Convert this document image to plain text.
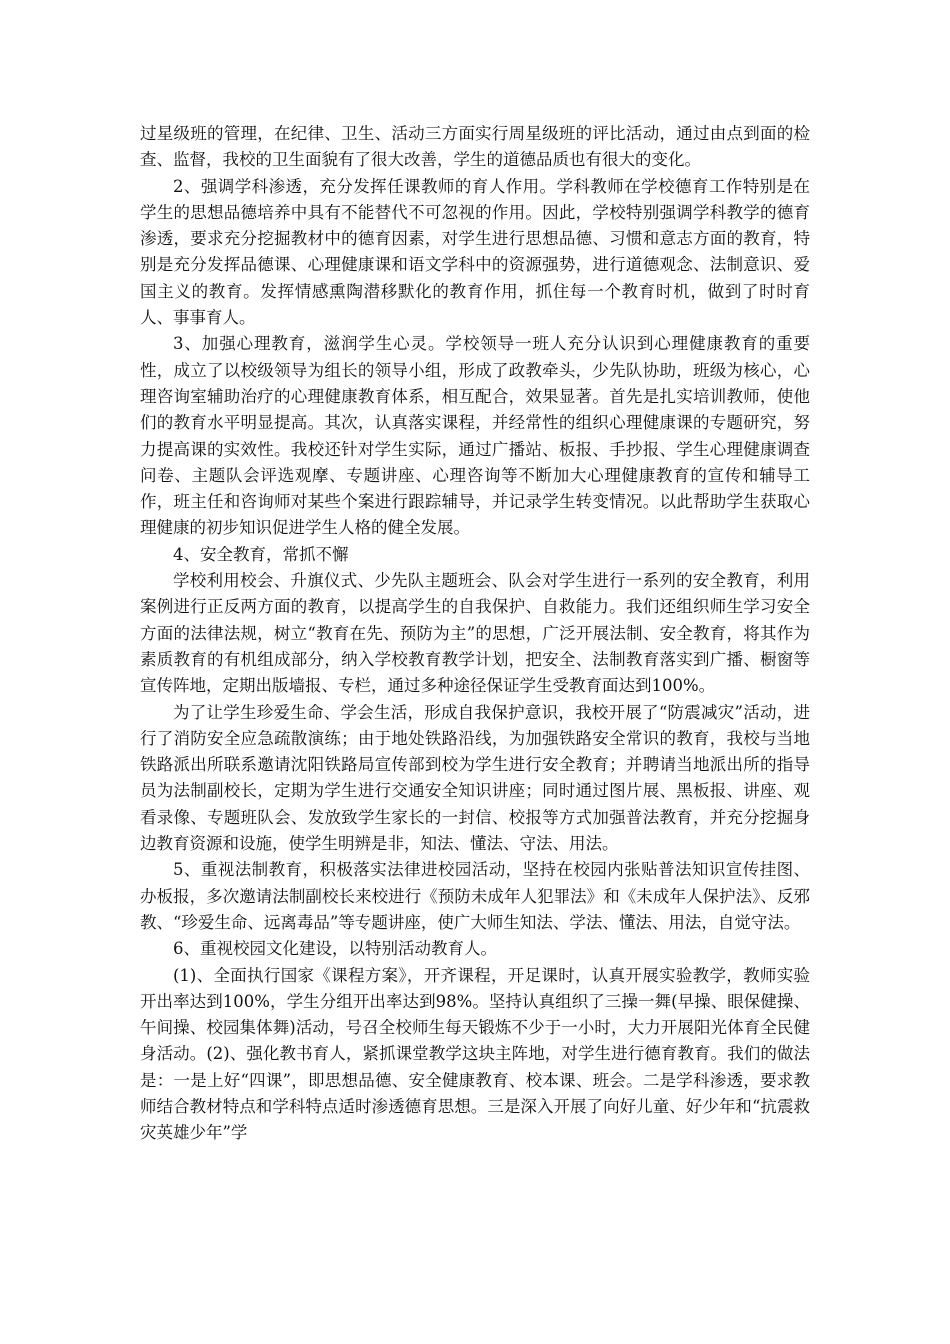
过星级班的管理，在纪律、卫生、活动三方面实行周星级班的评比活动，通过由点到面的检查、监督，我校的卫生面貌有了很大改善，学生的道德品质也有很大的变化。

2、强调学科渗透，充分发挥任课教师的育人作用。学科教师在学校德育工作特别是在学生的思想品德培养中具有不能替代不可忽视的作用。因此，学校特别强调学科教学的德育渗透，要求充分挖掘教材中的德育因素，对学生进行思想品德、习惯和意志方面的教育，特别是充分发挥品德课、心理健康课和语文学科中的资源强势，进行道德观念、法制意识、爱国主义的教育。发挥情感熏陶潜移默化的教育作用，抓住每一个教育时机，做到了时时育人、事事育人。

3、加强心理教育，滋润学生心灵。学校领导一班人充分认识到心理健康教育的重要性，成立了以校级领导为组长的领导小组，形成了政教牵头，少先队协助，班级为核心，心理咨询室辅助治疗的心理健康教育体系，相互配合，效果显著。首先是扎实培训教师，使他们的教育水平明显提高。其次，认真落实课程，并经常性的组织心理健康课的专题研究，努力提高课的实效性。我校还针对学生实际，通过广播站、板报、手抄报、学生心理健康调查问卷、主题队会评选观摩、专题讲座、心理咨询等不断加大心理健康教育的宣传和辅导工作，班主任和咨询师对某些个案进行跟踪辅导，并记录学生转变情况。以此帮助学生获取心理健康的初步知识促进学生人格的健全发展。

4、安全教育，常抓不懈

学校利用校会、升旗仪式、少先队主题班会、队会对学生进行一系列的安全教育，利用案例进行正反两方面的教育，以提高学生的自我保护、自救能力。我们还组织师生学习安全方面的法律法规，树立“教育在先、预防为主”的思想，广泛开展法制、安全教育，将其作为素质教育的有机组成部分，纳入学校教育教学计划，把安全、法制教育落实到广播、橱窗等宣传阵地，定期出版墙报、专栏，通过多种途径保证学生受教育面达到100%。

为了让学生珍爱生命、学会生活，形成自我保护意识，我校开展了“防震减灾”活动，进行了消防安全应急疏散演练；由于地处铁路沿线，为加强铁路安全常识的教育，我校与当地铁路派出所联系邀请沈阳铁路局宣传部到校为学生进行安全教育；并聘请当地派出所的指导员为法制副校长，定期为学生进行交通安全知识讲座；同时通过图片展、黑板报、讲座、观看录像、专题班队会、发放致学生家长的一封信、校报等方式加强普法教育，并充分挖掘身边教育资源和设施，使学生明辨是非，知法、懂法、守法、用法。

5、重视法制教育，积极落实法律进校园活动，坚持在校园内张贴普法知识宣传挂图、办板报，多次邀请法制副校长来校进行《预防未成年人犯罪法》和《未成年人保护法》、反邪教、“珍爱生命、远离毒品”等专题讲座，使广大师生知法、学法、懂法、用法，自觉守法。

6、重视校园文化建设，以特别活动教育人。

(1)、全面执行国家《课程方案》，开齐课程，开足课时，认真开展实验教学，教师实验开出率达到100%，学生分组开出率达到98%。坚持认真组织了三操一舞(早操、眼保健操、午间操、校园集体舞)活动，号召全校师生每天锻炼不少于一小时，大力开展阳光体育全民健身活动。(2)、强化教书育人，紧抓课堂教学这块主阵地，对学生进行德育教育。我们的做法是：一是上好“四课”，即思想品德、安全健康教育、校本课、班会。二是学科渗透，要求教师结合教材特点和学科特点适时渗透德育思想。三是深入开展了向好儿童、好少年和“抗震救灾英雄少年”学
